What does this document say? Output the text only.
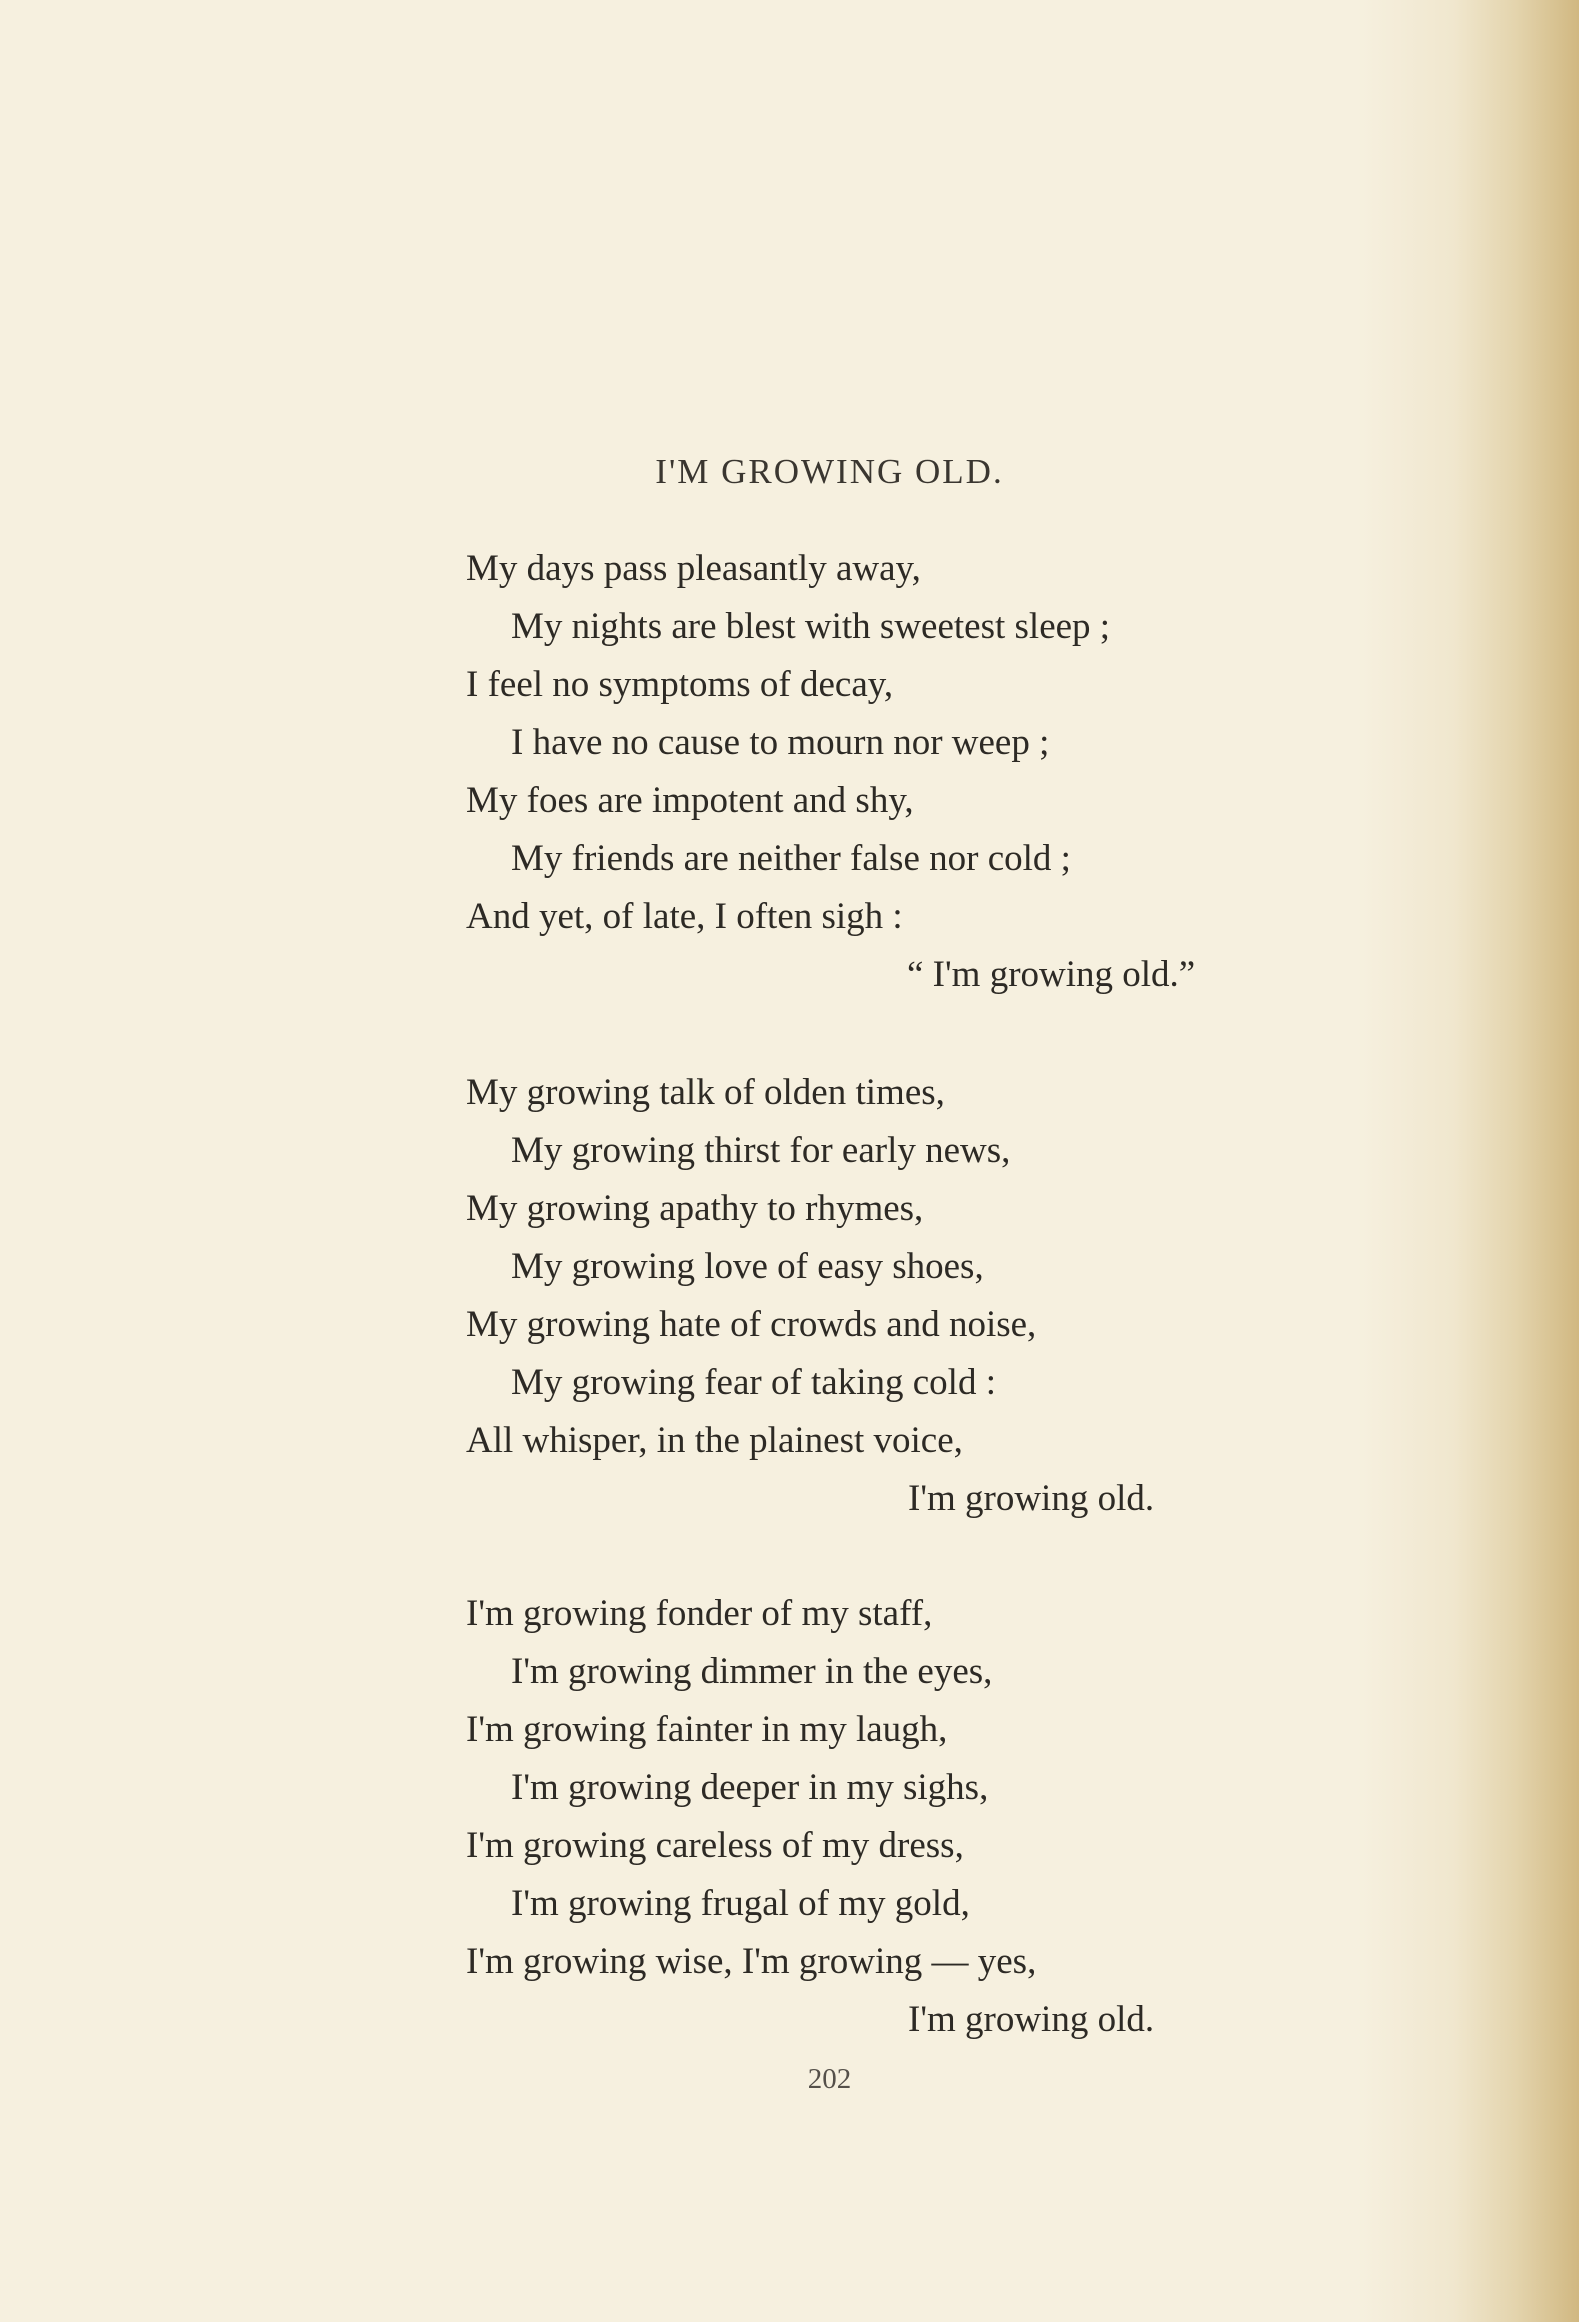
I'M GROWING OLD.
My days pass pleasantly away,
My nights are blest with sweetest sleep ;
I feel no symptoms of decay,
I have no cause to mourn nor weep ;
My foes are impotent and shy,
My friends are neither false nor cold ;
And yet, of late, I often sigh :
“ I'm growing old.”
My growing talk of olden times,
My growing thirst for early news,
My growing apathy to rhymes,
My growing love of easy shoes,
My growing hate of crowds and noise,
My growing fear of taking cold :
All whisper, in the plainest voice,
I'm growing old.
I'm growing fonder of my staff,
I'm growing dimmer in the eyes,
I'm growing fainter in my laugh,
I'm growing deeper in my sighs,
I'm growing careless of my dress,
I'm growing frugal of my gold,
I'm growing wise, I'm growing — yes,
I'm growing old.
202
